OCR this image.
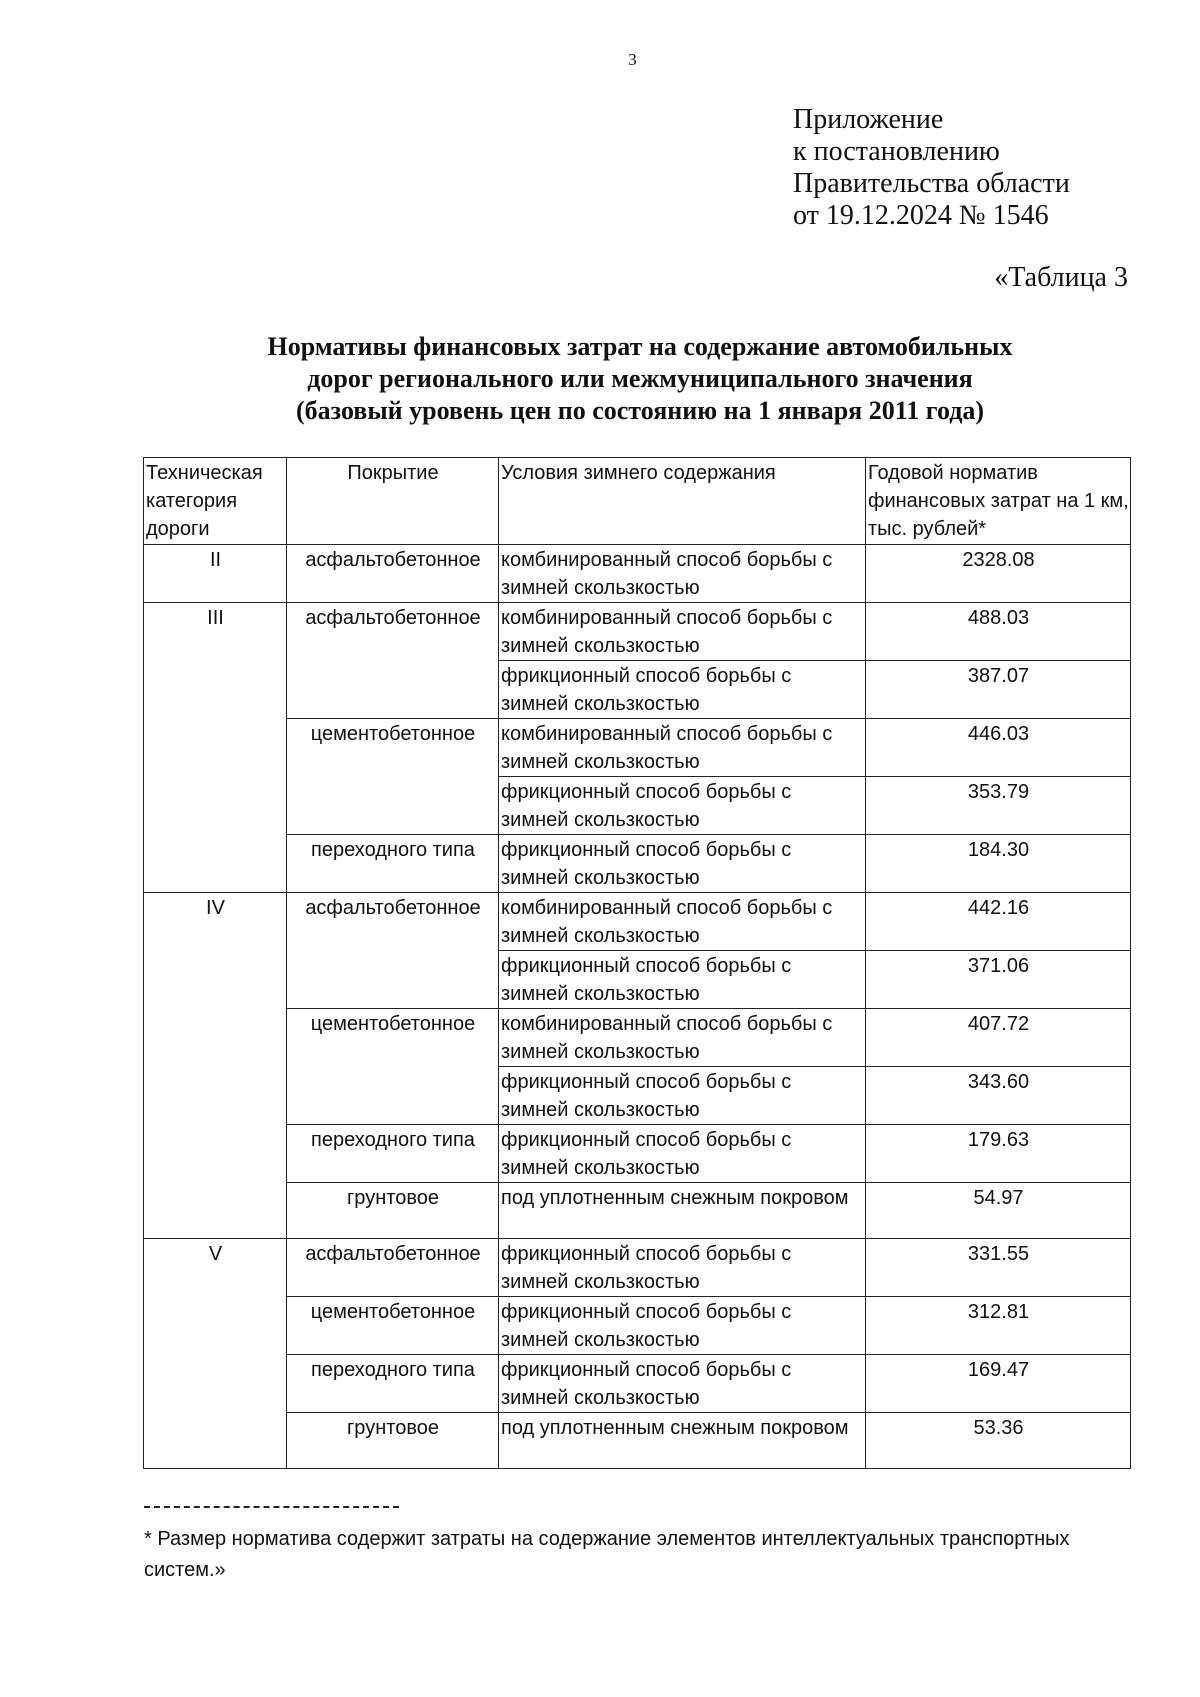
3
Приложение
к постановлению
Правительства области
от 19.12.2024 № 1546
«Таблица 3
Нормативы финансовых затрат на содержание автомобильных
дорог регионального или межмуниципального значения
(базовый уровень цен по состоянию на 1 января 2011 года)
Техническая категория дороги	Покрытие	Условия зимнего содержания	Годовой норматив финансовых затрат на 1 км, тыс. рублей*
II	асфальтобетонное	комбинированный способ борьбы с зимней скользкостью	2328.08
III	асфальтобетонное	комбинированный способ борьбы с зимней скользкостью	488.03
		фрикционный способ борьбы с зимней скользкостью	387.07
	цементобетонное	комбинированный способ борьбы с зимней скользкостью	446.03
		фрикционный способ борьбы с зимней скользкостью	353.79
	переходного типа	фрикционный способ борьбы с зимней скользкостью	184.30
IV	асфальтобетонное	комбинированный способ борьбы с зимней скользкостью	442.16
		фрикционный способ борьбы с зимней скользкостью	371.06
	цементобетонное	комбинированный способ борьбы с зимней скользкостью	407.72
		фрикционный способ борьбы с зимней скользкостью	343.60
	переходного типа	фрикционный способ борьбы с зимней скользкостью	179.63
	грунтовое	под уплотненным снежным покровом	54.97
V	асфальтобетонное	фрикционный способ борьбы с зимней скользкостью	331.55
	цементобетонное	фрикционный способ борьбы с зимней скользкостью	312.81
	переходного типа	фрикционный способ борьбы с зимней скользкостью	169.47
	грунтовое	под уплотненным снежным покровом	53.36
* Размер норматива содержит затраты на содержание элементов интеллектуальных транспортных систем.»
